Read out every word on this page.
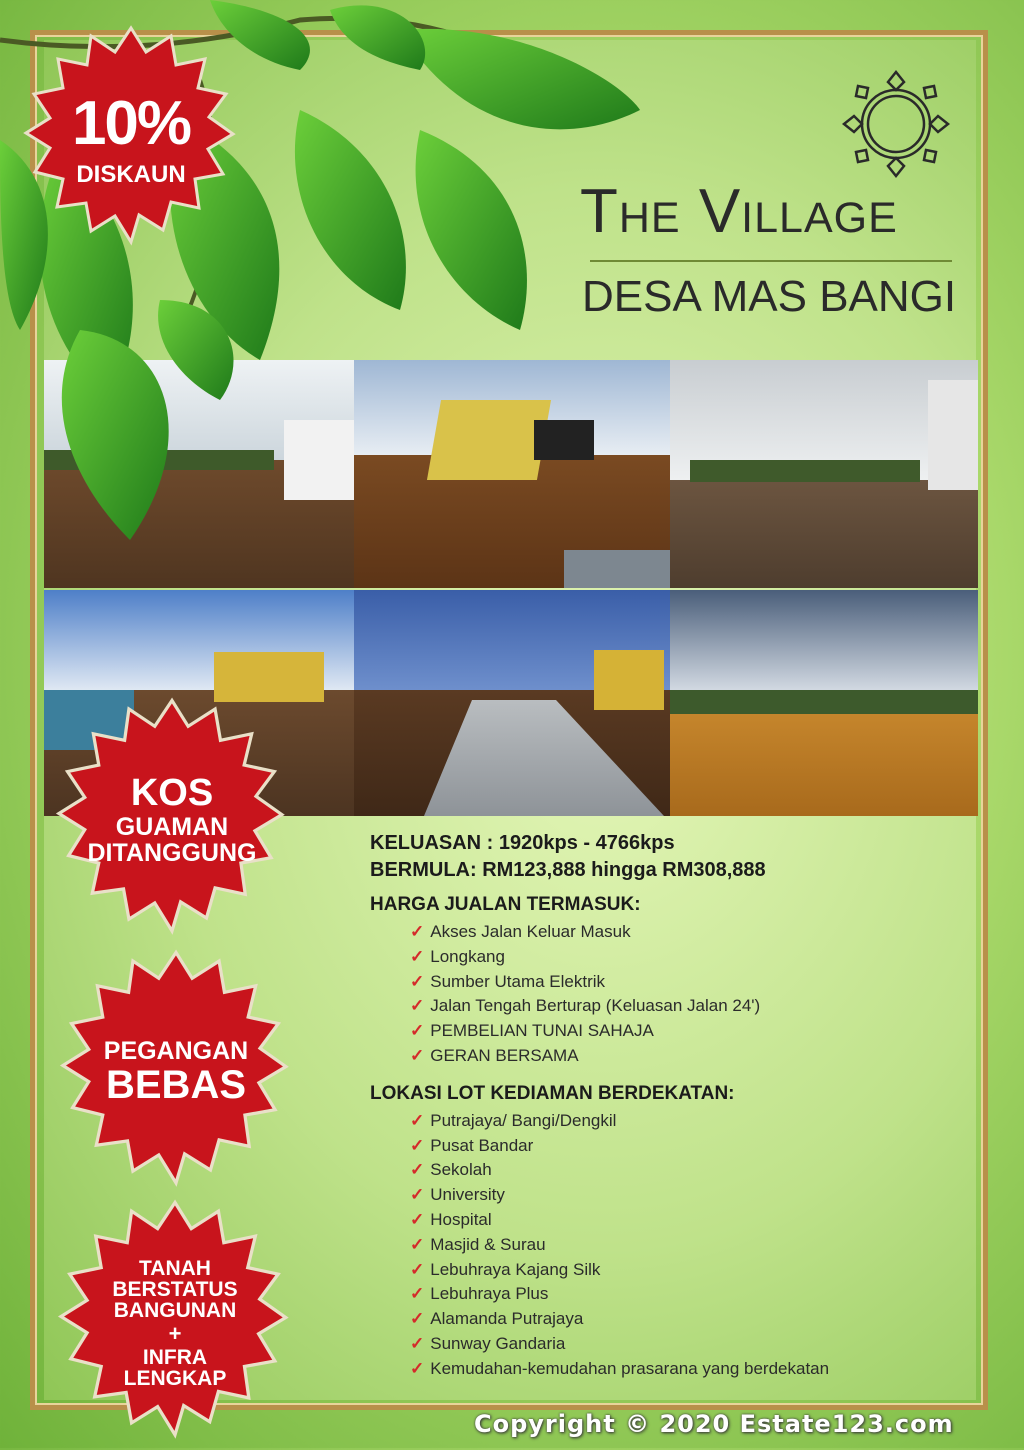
The Village
DESA MAS BANGI
10%
DISKAUN
KOS
GUAMAN
DITANGGUNG
PEGANGAN
BEBAS
TANAH
BERSTATUS
BANGUNAN
+
INFRA
LENGKAP
KELUASAN : 1920kps - 4766kps
BERMULA: RM123,888 hingga RM308,888
HARGA JUALAN TERMASUK:
✓ Akses Jalan Keluar Masuk
✓ Longkang
✓ Sumber Utama Elektrik
✓ Jalan Tengah Berturap (Keluasan Jalan 24')
✓ PEMBELIAN TUNAI SAHAJA
✓ GERAN BERSAMA
LOKASI LOT KEDIAMAN BERDEKATAN:
✓ Putrajaya/ Bangi/Dengkil
✓ Pusat Bandar
✓ Sekolah
✓ University
✓ Hospital
✓ Masjid & Surau
✓ Lebuhraya Kajang Silk
✓ Lebuhraya Plus
✓ Alamanda Putrajaya
✓ Sunway Gandaria
✓ Kemudahan-kemudahan prasarana yang berdekatan
Copyright © 2020 Estate123.com
